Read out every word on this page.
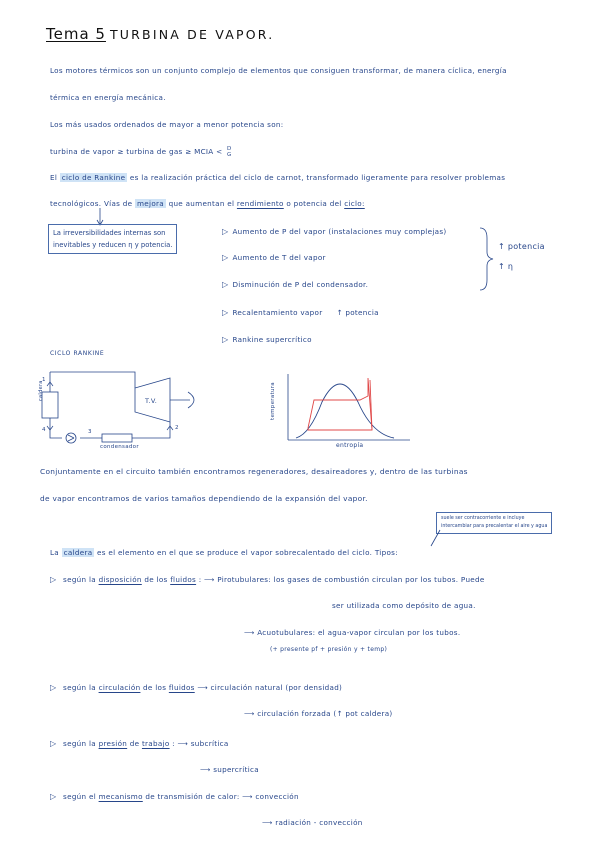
Tema 5 TURBINA DE VAPOR.
Los motores térmicos son un conjunto complejo de elementos que consiguen transformar, de manera cíclica, energía
térmica en energía mecánica.
Los más usados ordenados de mayor a menor potencia son:
turbina de vapor ≥ turbina de gas ≥ MCIA < D
G
El ciclo de Rankine es la realización práctica del ciclo de carnot, transformado ligeramente para resolver problemas
tecnológicos. Vías de mejora que aumentan el rendimiento o potencia del ciclo:
La irreversibilidades internas son
inevitables y reducen η y potencia.
▷ Aumento de P del vapor (instalaciones muy complejas)
▷ Aumento de T del vapor
▷ Disminución de P del condensador.
▷ Recalentamiento vapor ↑ potencia
▷ Rankine supercrítico
↑ potencia
↑ η
CICLO RANKINE
caldera	T.V.
condensador
1
2
3
4
temperatura
entropía
Conjuntamente en el circuito también encontramos regeneradores, desaireadores y, dentro de las turbinas
de vapor encontramos de varios tamaños dependiendo de la expansión del vapor.
suele ser contracorriente e incluye
intercambiar para precalentar el aire y agua
La caldera es el elemento en el que se produce el vapor sobrecalentado del ciclo. Tipos:
▷ según la disposición de los fluidos : ⟶ Pirotubulares: los gases de combustión circulan por los tubos. Puede
ser utilizada como depósito de agua.
⟶ Acuotubulares: el agua-vapor circulan por los tubos.
(+ presente pf + presión y + temp)
▷ según la circulación de los fluidos ⟶ circulación natural (por densidad)
⟶ circulación forzada (↑ pot caldera)
▷ según la presión de trabajo : ⟶ subcrítica
⟶ supercrítica
▷ según el mecanismo de transmisión de calor: ⟶ convección
⟶ radiación - convección
